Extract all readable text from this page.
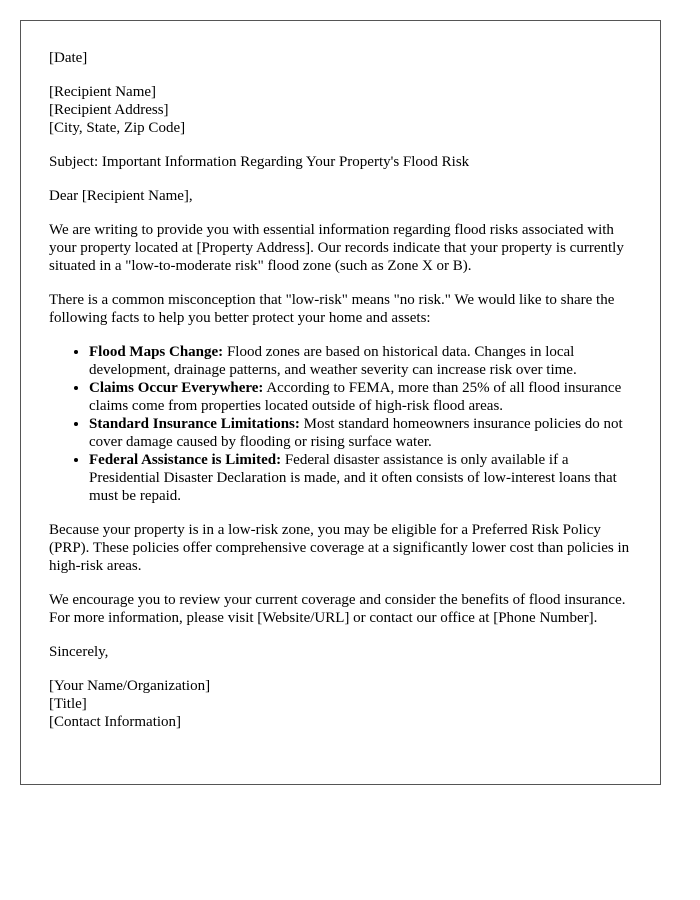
[Date]

[Recipient Name]
[Recipient Address]
[City, State, Zip Code]

Subject: Important Information Regarding Your Property's Flood Risk

Dear [Recipient Name],

We are writing to provide you with essential information regarding flood risks associated with your property located at [Property Address]. Our records indicate that your property is currently situated in a "low-to-moderate risk" flood zone (such as Zone X or B).

There is a common misconception that "low-risk" means "no risk." We would like to share the following facts to help you better protect your home and assets:

• Flood Maps Change: Flood zones are based on historical data. Changes in local development, drainage patterns, and weather severity can increase risk over time.
• Claims Occur Everywhere: According to FEMA, more than 25% of all flood insurance claims come from properties located outside of high-risk flood areas.
• Standard Insurance Limitations: Most standard homeowners insurance policies do not cover damage caused by flooding or rising surface water.
• Federal Assistance is Limited: Federal disaster assistance is only available if a Presidential Disaster Declaration is made, and it often consists of low-interest loans that must be repaid.

Because your property is in a low-risk zone, you may be eligible for a Preferred Risk Policy (PRP). These policies offer comprehensive coverage at a significantly lower cost than policies in high-risk areas.

We encourage you to review your current coverage and consider the benefits of flood insurance. For more information, please visit [Website/URL] or contact our office at [Phone Number].

Sincerely,

[Your Name/Organization]
[Title]
[Contact Information]
